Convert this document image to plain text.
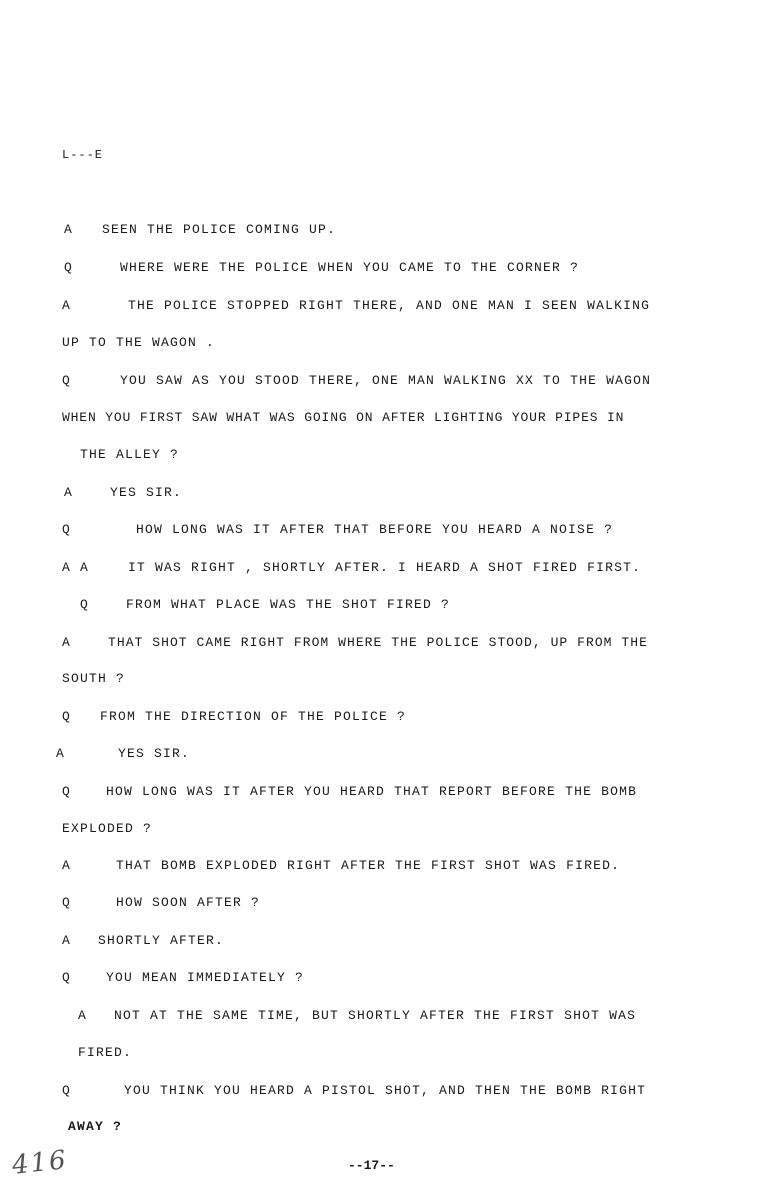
L---E
A SEEN THE POLICE COMING UP.
Q	WHERE WERE THE POLICE WHEN YOU CAME TO THE CORNER ?
A	THE POLICE STOPPED RIGHT THERE, AND ONE MAN I SEEN WALKING
UP TO THE WAGON .
Q	YOU SAW AS YOU STOOD THERE, ONE MAN WALKING XX TO THE WAGON
WHEN YOU FIRST SAW WHAT WAS GOING ON AFTER LIGHTING YOUR PIPES IN
THE ALLEY ?
A	YES SIR.
Q	HOW LONG WAS IT AFTER THAT BEFORE YOU HEARD A NOISE ?
A A	IT WAS RIGHT , SHORTLY AFTER. I HEARD A SHOT FIRED FIRST.
Q	FROM WHAT PLACE WAS THE SHOT FIRED ?
A	THAT SHOT CAME RIGHT FROM WHERE THE POLICE STOOD, UP FROM THE
SOUTH ?
Q FROM THE DIRECTION OF THE POLICE ?
A	YES SIR.
Q	HOW LONG WAS IT AFTER YOU HEARD THAT REPORT BEFORE THE BOMB
EXPLODED ?
A	THAT BOMB EXPLODED RIGHT AFTER THE FIRST SHOT WAS FIRED.
Q	HOW SOON AFTER ?
A SHORTLY AFTER.
Q	YOU MEAN IMMEDIATELY ?
A NOT AT THE SAME TIME, BUT SHORTLY AFTER THE FIRST SHOT WAS
FIRED.
Q	YOU THINK YOU HEARD A PISTOL SHOT, AND THEN THE BOMB RIGHT
AWAY ?
416	--17--
